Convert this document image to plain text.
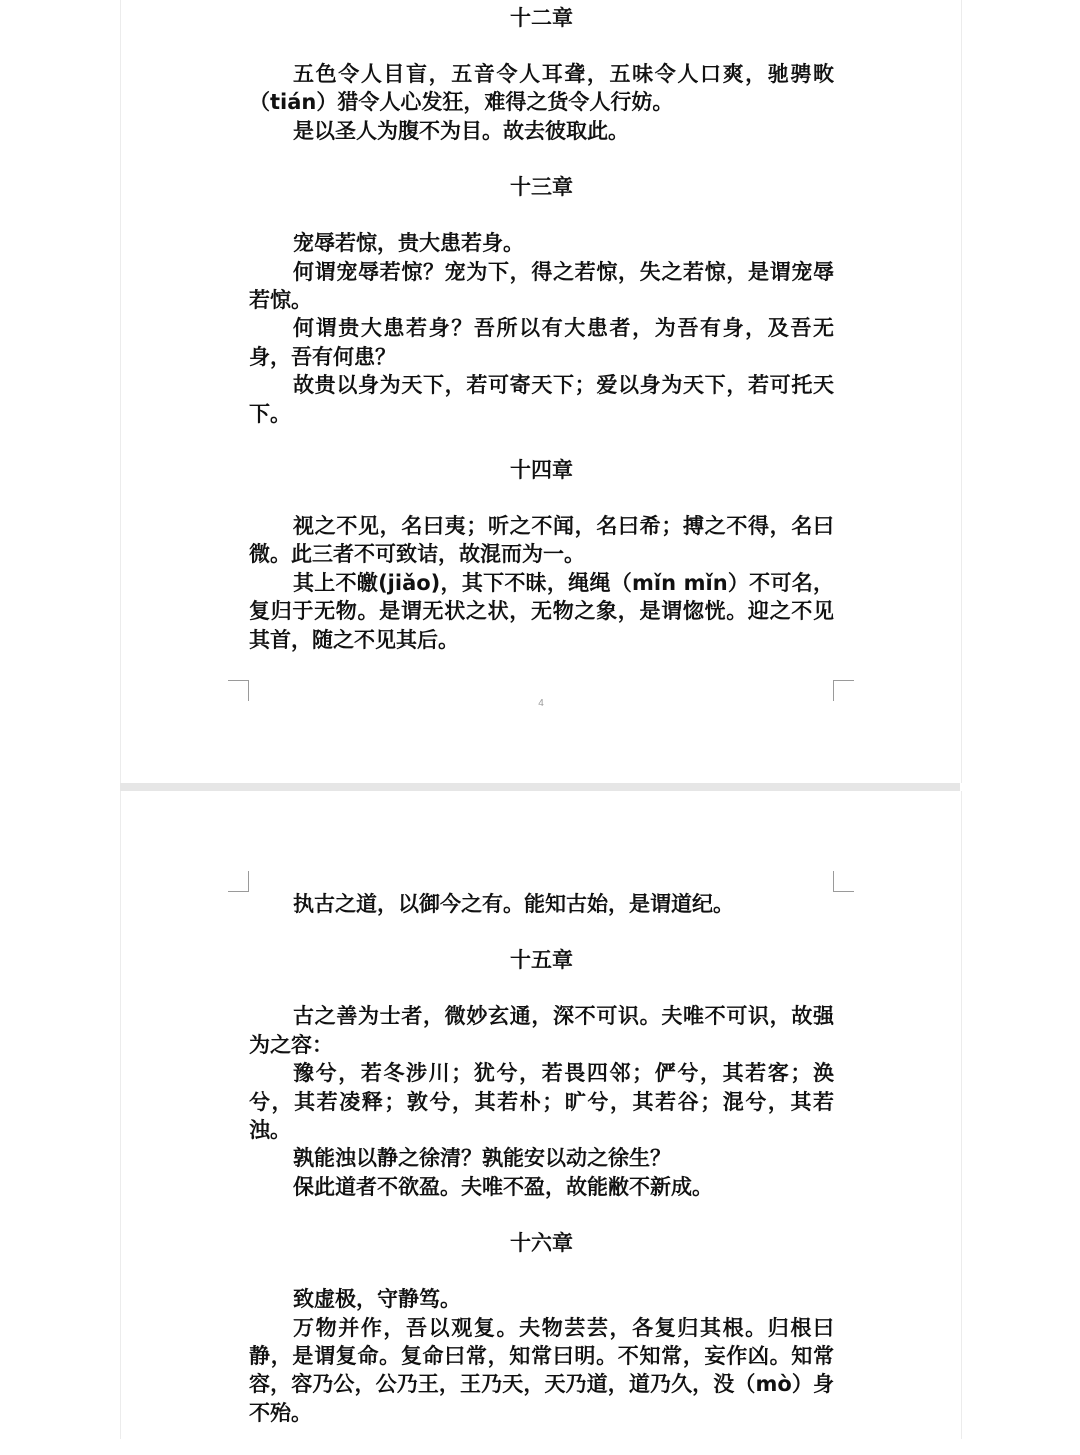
十二章

五色令人目盲，五音令人耳聋，五味令人口爽，驰骋畋（tián）猎令人心发狂，难得之货令人行妨。

是以圣人为腹不为目。故去彼取此。

十三章

宠辱若惊，贵大患若身。

何谓宠辱若惊？宠为下，得之若惊，失之若惊，是谓宠辱若惊。

何谓贵大患若身？吾所以有大患者，为吾有身，及吾无身，吾有何患？

故贵以身为天下，若可寄天下；爱以身为天下，若可托天下。

十四章

视之不见，名曰夷；听之不闻，名曰希；搏之不得，名曰微。此三者不可致诘，故混而为一。

其上不皦(jiǎo)，其下不昧，绳绳（mǐn mǐn）不可名，复归于无物。是谓无状之状，无物之象，是谓惚恍。迎之不见其首，随之不见其后。

4

执古之道，以御今之有。能知古始，是谓道纪。

十五章

古之善为士者，微妙玄通，深不可识。夫唯不可识，故强为之容：

豫兮，若冬涉川；犹兮，若畏四邻；俨兮，其若客；涣兮，其若凌释；敦兮，其若朴；旷兮，其若谷；混兮，其若浊。

孰能浊以静之徐清？孰能安以动之徐生？

保此道者不欲盈。夫唯不盈，故能敝不新成。

十六章

致虚极，守静笃。

万物并作，吾以观复。夫物芸芸，各复归其根。归根曰静，是谓复命。复命曰常，知常曰明。不知常，妄作凶。知常容，容乃公，公乃王，王乃天，天乃道，道乃久，没（mò）身不殆。
